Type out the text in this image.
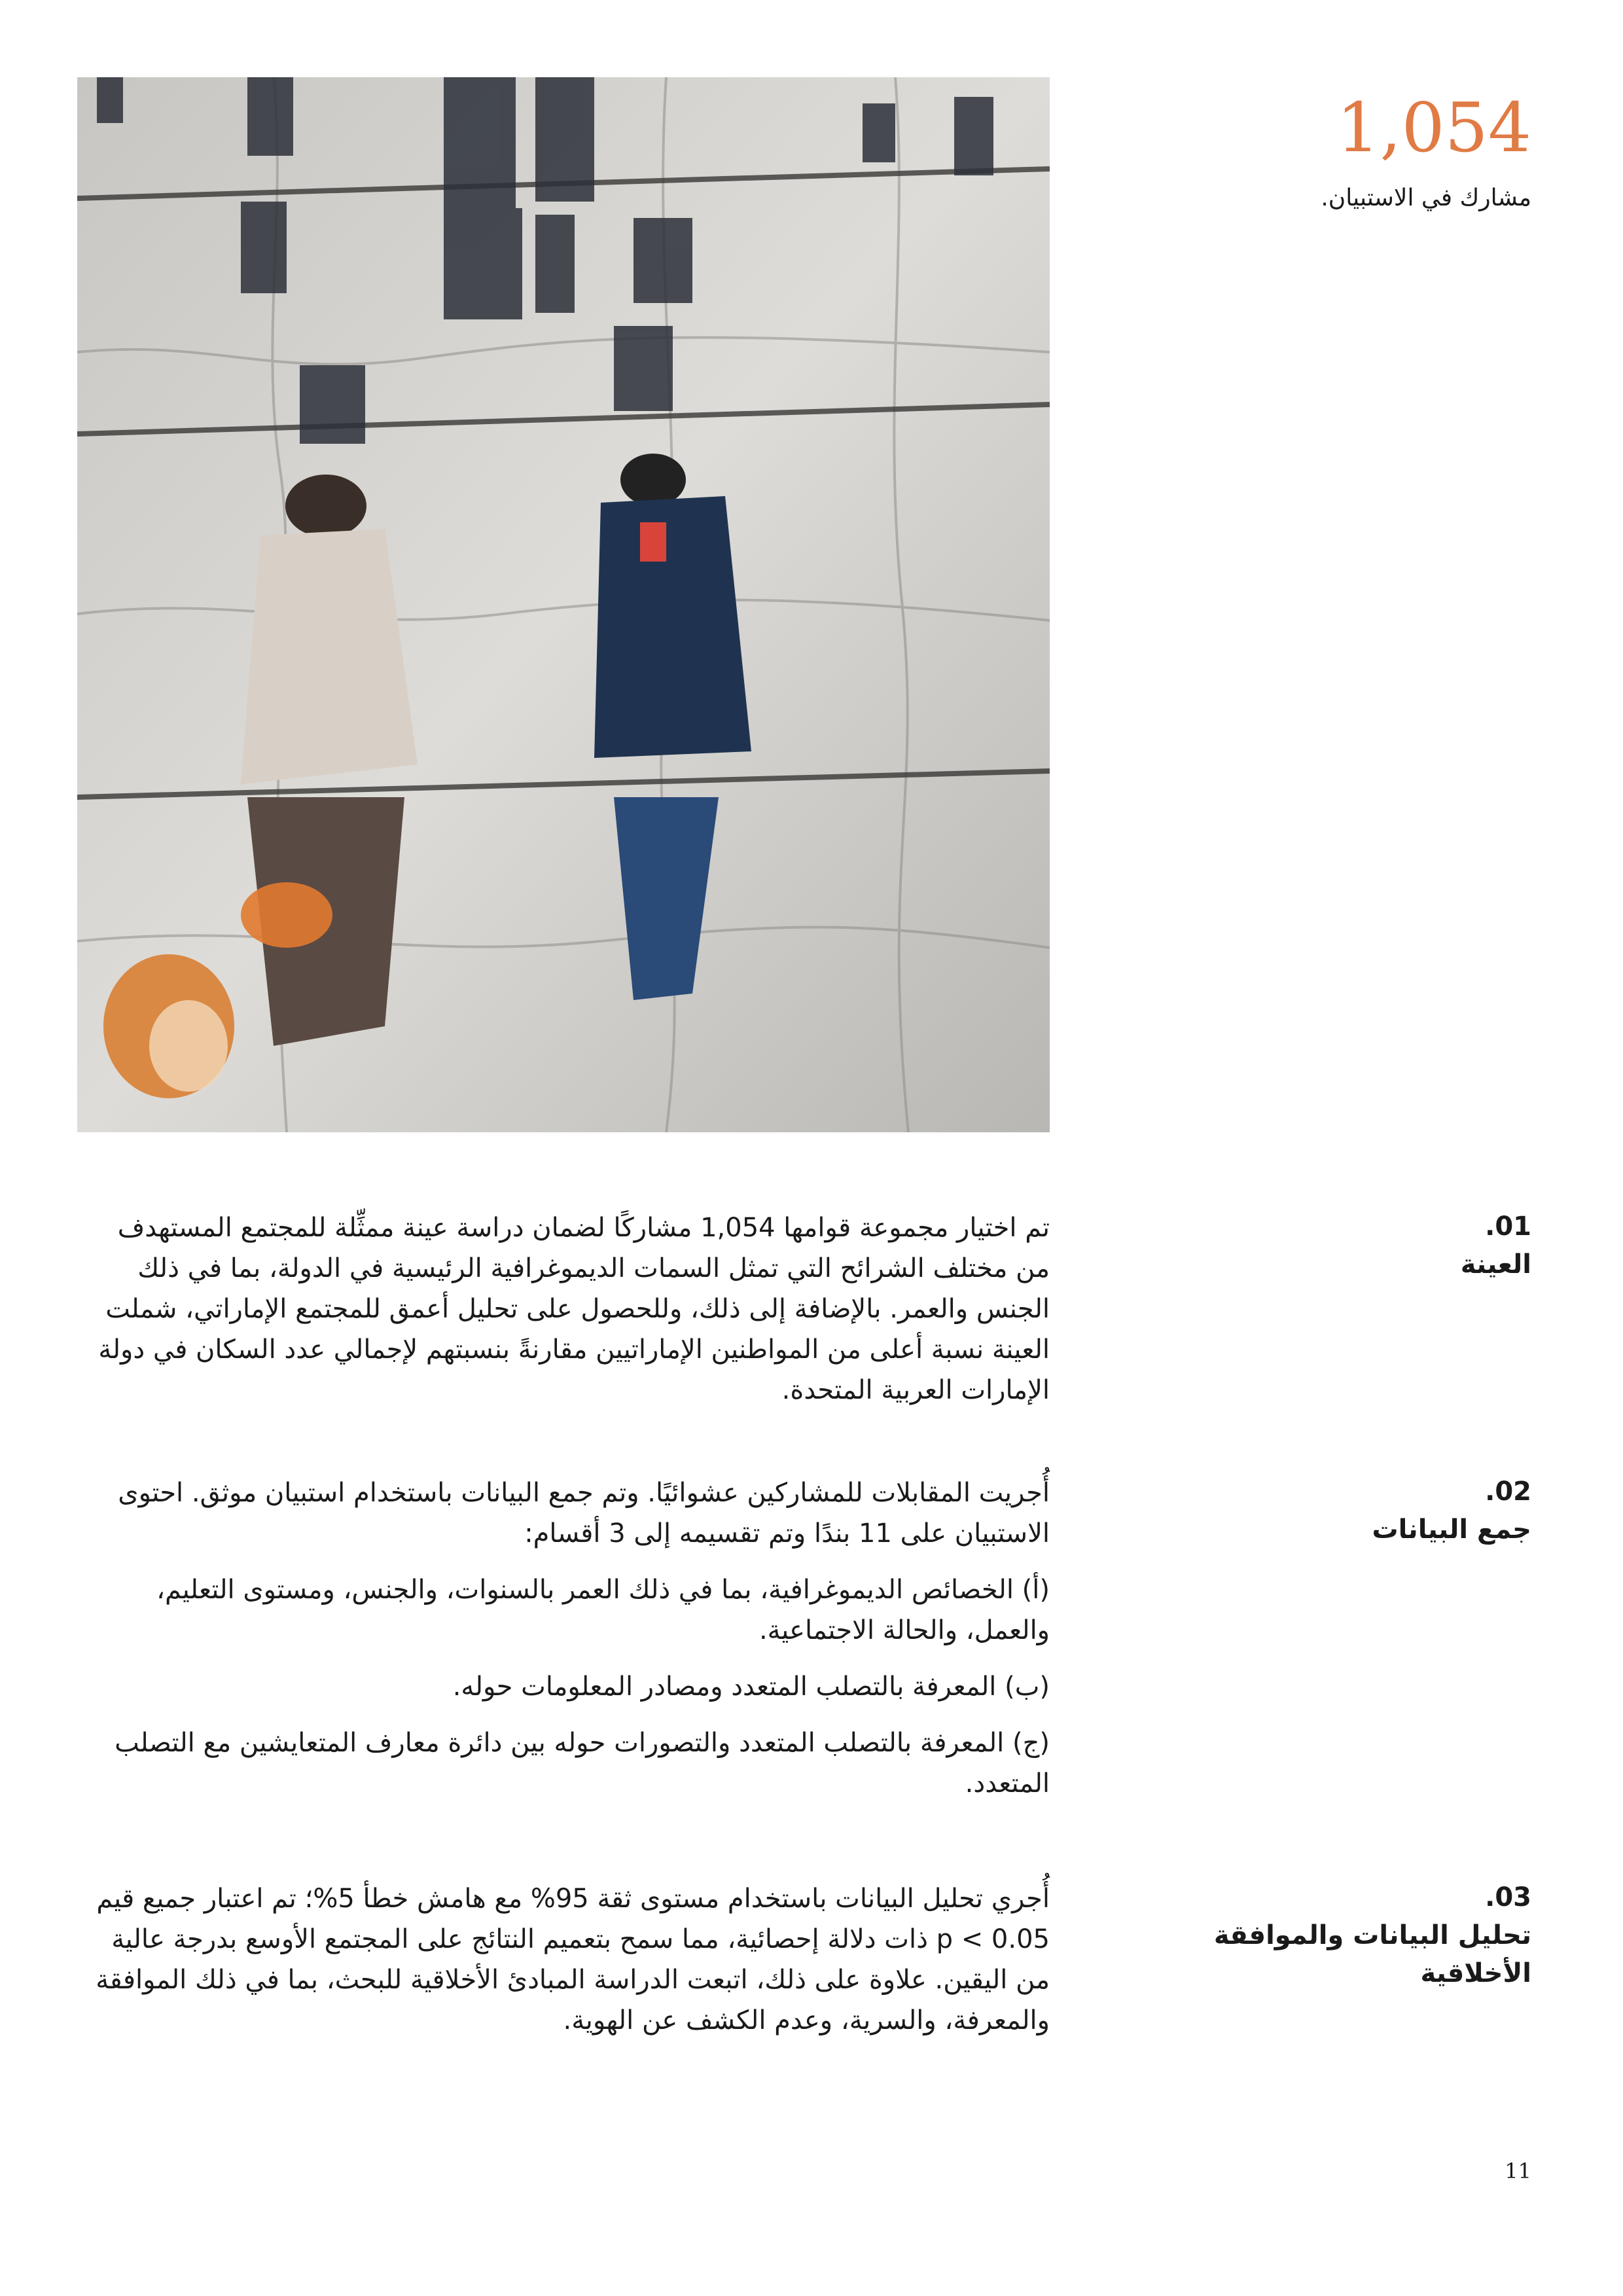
1,054
مشارك في الاستبيان.
01.
العينة

تم اختيار مجموعة قوامها 1,054 مشاركًا لضمان دراسة عينة ممثِّلة للمجتمع المستهدف من مختلف الشرائح التي تمثل السمات الديموغرافية الرئيسية في الدولة، بما في ذلك الجنس والعمر. بالإضافة إلى ذلك، وللحصول على تحليل أعمق للمجتمع الإماراتي، شملت العينة نسبة أعلى من المواطنين الإماراتيين مقارنةً بنسبتهم لإجمالي عدد السكان في دولة الإمارات العربية المتحدة.

02.
جمع البيانات

أُجريت المقابلات للمشاركين عشوائيًا. وتم جمع البيانات باستخدام استبيان موثق. احتوى الاستبيان على 11 بندًا وتم تقسيمه إلى 3 أقسام:

(أ) الخصائص الديموغرافية، بما في ذلك العمر بالسنوات، والجنس، ومستوى التعليم، والعمل، والحالة الاجتماعية.

(ب) المعرفة بالتصلب المتعدد ومصادر المعلومات حوله.

(ج) المعرفة بالتصلب المتعدد والتصورات حوله بين دائرة معارف المتعايشين مع التصلب المتعدد.

03.
تحليل البيانات والموافقة الأخلاقية

أُجري تحليل البيانات باستخدام مستوى ثقة 95% مع هامش خطأ 5%؛ تم اعتبار جميع قيم p < 0.05 ذات دلالة إحصائية، مما سمح بتعميم النتائج على المجتمع الأوسع بدرجة عالية من اليقين. علاوة على ذلك، اتبعت الدراسة المبادئ الأخلاقية للبحث، بما في ذلك الموافقة والمعرفة، والسرية، وعدم الكشف عن الهوية.

11
